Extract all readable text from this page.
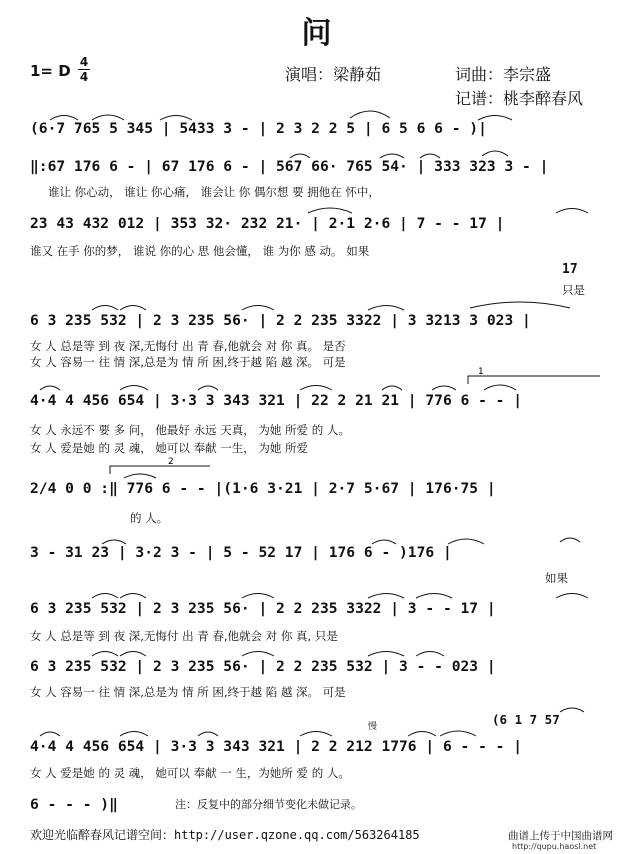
问
1= D 4
4	演唱：梁静茹	词曲：李宗盛
记谱：桃李醉春风
(6·7 765 5 345 | 5433 3 - | 2 3 2 2 5 | 6 5 6 6 - )|
‖:67 176 6 - | 67 176 6 - | 567 66· 765 54· | 333 323 3 - |
谁让 你心动， 谁让 你心痛， 谁会让 你 偶尔想 要 拥他在 怀中，
23 43 432 012 | 353 32· 232 21· | 2·1 2·6 | 7 - - 17 |
谁又 在手 你的梦， 谁说 你的心 思 他会懂， 谁 为你 感 动。 如果
17
只是
6 3 235 532 | 2 3 235 56· | 2 2 235 3322 | 3 3213 3 023 |
女 人 总是等 到 夜 深,无悔付 出 青 春,他就会 对 你 真。 是否
女 人 容易一 往 情 深,总是为 情 所 困,终于越 陷 越 深。 可是
4·4 4 456 654 | 3·3 3 343 321 | 22 2 21 21 | 776 6 - - |
女 人 永远不 要 多 问， 他最好 永远 天真， 为她 所爱 的 人。
女 人 爱是她 的 灵 魂， 她可以 奉献 一生， 为她 所爱
2/4 0 0 :‖ 776 6 - - |(1·6 3·21 | 2·7 5·67 | 176·75 |
的 人。
3 - 31 23 | 3·2 3 - | 5 - 52 17 | 176 6 - )176 |
如果
6 3 235 532 | 2 3 235 56· | 2 2 235 3322 | 3 - - 17 |
女 人 总是等 到 夜 深,无悔付 出 青 春,他就会 对 你 真, 只是
6 3 235 532 | 2 3 235 56· | 2 2 235 532 | 3 - - 023 |
女 人 容易一 往 情 深,总是为 情 所 困,终于越 陷 越 深。 可是
(6 1 7 57
慢
4·4 4 456 654 | 3·3 3 343 321 | 2 2 212 1776 | 6 - - - |
女 人 爱是她 的 灵 魂， 她可以 奉献 一 生，为她所 爱 的 人。
6 - - - )‖	注：反复中的部分细节变化未做记录。
欢迎光临醉春风记谱空间：http://user.qzone.qq.com/563264185	曲谱上传于中国曲谱网
http://qupu.haosl.net
1
2
